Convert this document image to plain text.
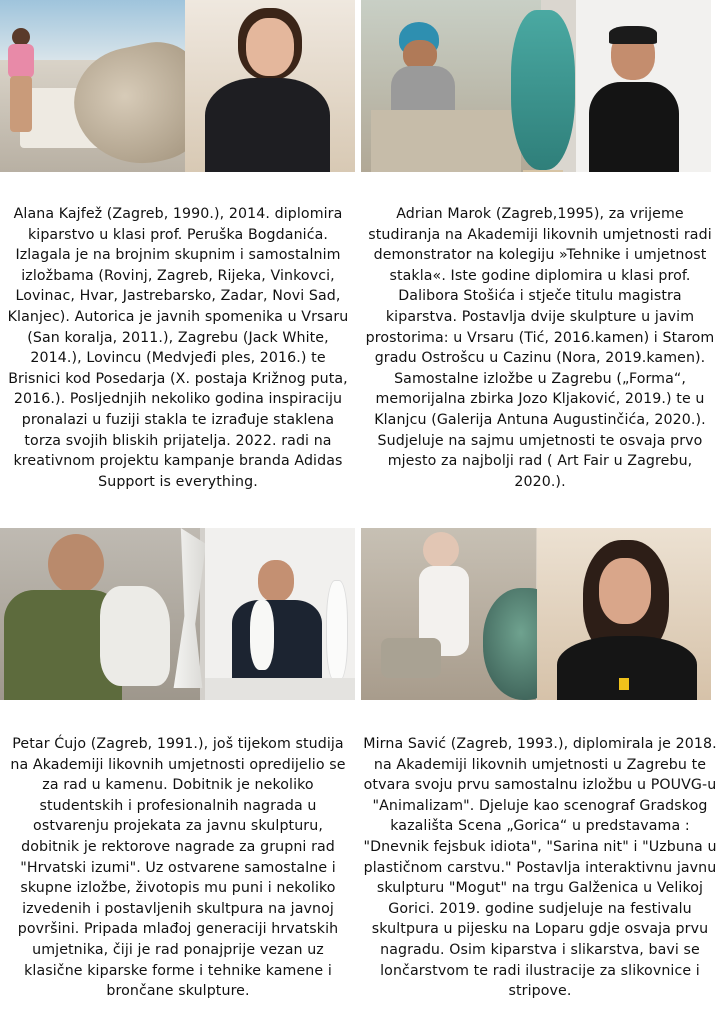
Alana Kajfež (Zagreb, 1990.), 2014. diplomira kiparstvo u klasi prof. Peruška Bogdanića. Izlagala je na brojnim skupnim i samostalnim izložbama (Rovinj, Zagreb, Rijeka, Vinkovci, Lovinac, Hvar, Jastrebarsko, Zadar, Novi Sad, Klanjec). Autorica je javnih spomenika u Vrsaru (San koralja, 2011.), Zagrebu (Jack White, 2014.), Lovincu (Medvjeđi ples, 2016.) te Brisnici kod Posedarja (X. postaja Križnog puta, 2016.). Posljednjih nekoliko godina inspiraciju pronalazi u fuziji stakla te izrađuje staklena torza svojih bliskih prijatelja. 2022. radi na kreativnom projektu kampanje branda Adidas Support is everything.
Adrian Marok (Zagreb,1995), za vrijeme studiranja na Akademiji likovnih umjetnosti radi demonstrator na kolegiju »Tehnike i umjetnost stakla«. Iste godine diplomira u klasi prof. Dalibora Stošića i stječe titulu magistra kiparstva. Postavlja dvije skulpture u javim prostorima: u Vrsaru (Tić, 2016.kamen) i Starom gradu Ostrošcu u Cazinu (Nora, 2019.kamen). Samostalne izložbe u Zagrebu („Forma“, memorijalna zbirka Jozo Kljaković, 2019.) te u Klanjcu (Galerija Antuna Augustinčića, 2020.). Sudjeluje na sajmu umjetnosti te osvaja prvo mjesto za najbolji rad ( Art Fair u Zagrebu, 2020.).
Petar Ćujo (Zagreb, 1991.), još tijekom studija na Akademiji likovnih umjetnosti opredijelio se za rad u kamenu. Dobitnik je nekoliko studentskih i profesionalnih nagrada u ostvarenju projekata za javnu skulpturu, dobitnik je rektorove nagrade za grupni rad "Hrvatski izumi". Uz ostvarene samostalne i skupne izložbe, životopis mu puni i nekoliko izvedenih i postavljenih skultpura na javnoj površini. Pripada mlađoj generaciji hrvatskih umjetnika, čiji je rad ponajprije vezan uz klasične kiparske forme i tehnike kamene i brončane skulpture.
Mirna Savić (Zagreb, 1993.), diplomirala je 2018. na Akademiji likovnih umjetnosti u Zagrebu te otvara svoju prvu samostalnu izložbu u POUVG-u "Animalizam". Djeluje kao scenograf Gradskog kazališta Scena „Gorica“ u predstavama : "Dnevnik fejsbuk idiota", "Sarina nit" i "Uzbuna u plastičnom carstvu." Postavlja interaktivnu javnu skulpturu "Mogut" na trgu Galženica u Velikoj Gorici. 2019. godine sudjeluje na festivalu skultpura u pijesku na Loparu gdje osvaja prvu nagradu. Osim kiparstva i slikarstva, bavi se lončarstvom te radi ilustracije za slikovnice i stripove.
